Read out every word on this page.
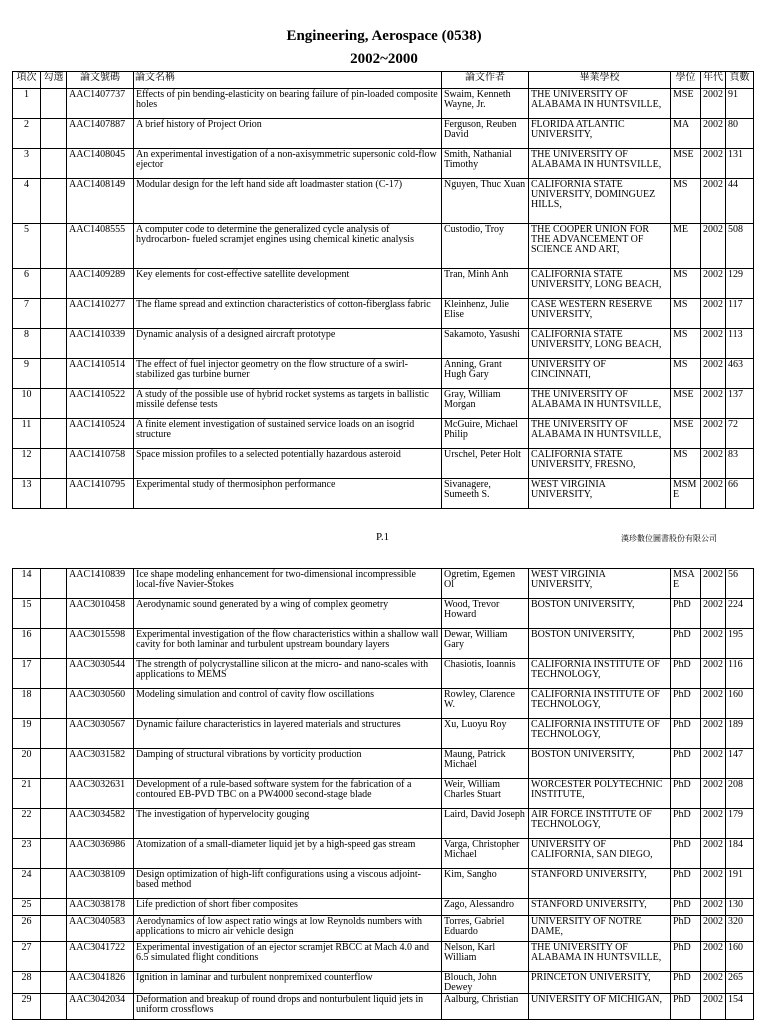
Engineering, Aerospace (0538)
2002~2000
項次	勾選	論文號碼	論文名稱	論文作者	畢業學校	學位	年代	頁數
1		AAC1407737	Effects of pin bending-elasticity on bearing failure of pin-loaded composite holes	Swaim, Kenneth Wayne, Jr.	THE UNIVERSITY OF ALABAMA IN HUNTSVILLE,	MSE	2002	91
2		AAC1407887	A brief history of Project Orion	Ferguson, Reuben David	FLORIDA ATLANTIC UNIVERSITY,	MA	2002	80
3		AAC1408045	An experimental investigation of a non-axisymmetric supersonic cold-flow ejector	Smith, Nathanial Timothy	THE UNIVERSITY OF ALABAMA IN HUNTSVILLE,	MSE	2002	131
4		AAC1408149	Modular design for the left hand side aft loadmaster station (C-17)	Nguyen, Thuc Xuan	CALIFORNIA STATE UNIVERSITY, DOMINGUEZ HILLS,	MS	2002	44
5		AAC1408555	A computer code to determine the generalized cycle analysis of hydrocarbon- fueled scramjet engines using chemical kinetic analysis	Custodio, Troy	THE COOPER UNION FOR THE ADVANCEMENT OF SCIENCE AND ART,	ME	2002	508
6		AAC1409289	Key elements for cost-effective satellite development	Tran, Minh Anh	CALIFORNIA STATE UNIVERSITY, LONG BEACH,	MS	2002	129
7		AAC1410277	The flame spread and extinction characteristics of cotton-fiberglass fabric	Kleinhenz, Julie Elise	CASE WESTERN RESERVE UNIVERSITY,	MS	2002	117
8		AAC1410339	Dynamic analysis of a designed aircraft prototype	Sakamoto, Yasushi	CALIFORNIA STATE UNIVERSITY, LONG BEACH,	MS	2002	113
9		AAC1410514	The effect of fuel injector geometry on the flow structure of a swirl-stabilized gas turbine burner	Anning, Grant Hugh Gary	UNIVERSITY OF CINCINNATI,	MS	2002	463
10		AAC1410522	A study of the possible use of hybrid rocket systems as targets in ballistic missile defense tests	Gray, William Morgan	THE UNIVERSITY OF ALABAMA IN HUNTSVILLE,	MSE	2002	137
11		AAC1410524	A finite element investigation of sustained service loads on an isogrid structure	McGuire, Michael Philip	THE UNIVERSITY OF ALABAMA IN HUNTSVILLE,	MSE	2002	72
12		AAC1410758	Space mission profiles to a selected potentially hazardous asteroid	Urschel, Peter Holt	CALIFORNIA STATE UNIVERSITY, FRESNO,	MS	2002	83
13		AAC1410795	Experimental study of thermosiphon performance	Sivanagere, Sumeeth S.	WEST VIRGINIA UNIVERSITY,	MSME	2002	66
P.1	漢珍數位圖書股份有限公司
14		AAC1410839	Ice shape modeling enhancement for two-dimensional incompressible local-five Navier-Stokes	Ogretim, Egemen Ol	WEST VIRGINIA UNIVERSITY,	MSAE	2002	56
15		AAC3010458	Aerodynamic sound generated by a wing of complex geometry	Wood, Trevor Howard	BOSTON UNIVERSITY,	PhD	2002	224
16		AAC3015598	Experimental investigation of the flow characteristics within a shallow wall cavity for both laminar and turbulent upstream boundary layers	Dewar, William Gary	BOSTON UNIVERSITY,	PhD	2002	195
17		AAC3030544	The strength of polycrystalline silicon at the micro- and nano-scales with applications to MEMS	Chasiotis, Ioannis	CALIFORNIA INSTITUTE OF TECHNOLOGY,	PhD	2002	116
18		AAC3030560	Modeling simulation and control of cavity flow oscillations	Rowley, Clarence W.	CALIFORNIA INSTITUTE OF TECHNOLOGY,	PhD	2002	160
19		AAC3030567	Dynamic failure characteristics in layered materials and structures	Xu, Luoyu Roy	CALIFORNIA INSTITUTE OF TECHNOLOGY,	PhD	2002	189
20		AAC3031582	Damping of structural vibrations by vorticity production	Maung, Patrick Michael	BOSTON UNIVERSITY,	PhD	2002	147
21		AAC3032631	Development of a rule-based software system for the fabrication of a contoured EB-PVD TBC on a PW4000 second-stage blade	Weir, William Charles Stuart	WORCESTER POLYTECHNIC INSTITUTE,	PhD	2002	208
22		AAC3034582	The investigation of hypervelocity gouging	Laird, David Joseph	AIR FORCE INSTITUTE OF TECHNOLOGY,	PhD	2002	179
23		AAC3036986	Atomization of a small-diameter liquid jet by a high-speed gas stream	Varga, Christopher Michael	UNIVERSITY OF CALIFORNIA, SAN DIEGO,	PhD	2002	184
24		AAC3038109	Design optimization of high-lift configurations using a viscous adjoint-based method	Kim, Sangho	STANFORD UNIVERSITY,	PhD	2002	191
25		AAC3038178	Life prediction of short fiber composites	Zago, Alessandro	STANFORD UNIVERSITY,	PhD	2002	130
26		AAC3040583	Aerodynamics of low aspect ratio wings at low Reynolds numbers with applications to micro air vehicle design	Torres, Gabriel Eduardo	UNIVERSITY OF NOTRE DAME,	PhD	2002	320
27		AAC3041722	Experimental investigation of an ejector scramjet RBCC at Mach 4.0 and 6.5 simulated flight conditions	Nelson, Karl William	THE UNIVERSITY OF ALABAMA IN HUNTSVILLE,	PhD	2002	160
28		AAC3041826	Ignition in laminar and turbulent nonpremixed counterflow	Blouch, John Dewey	PRINCETON UNIVERSITY,	PhD	2002	265
29		AAC3042034	Deformation and breakup of round drops and nonturbulent liquid jets in uniform crossflows	Aalburg, Christian	UNIVERSITY OF MICHIGAN,	PhD	2002	154
